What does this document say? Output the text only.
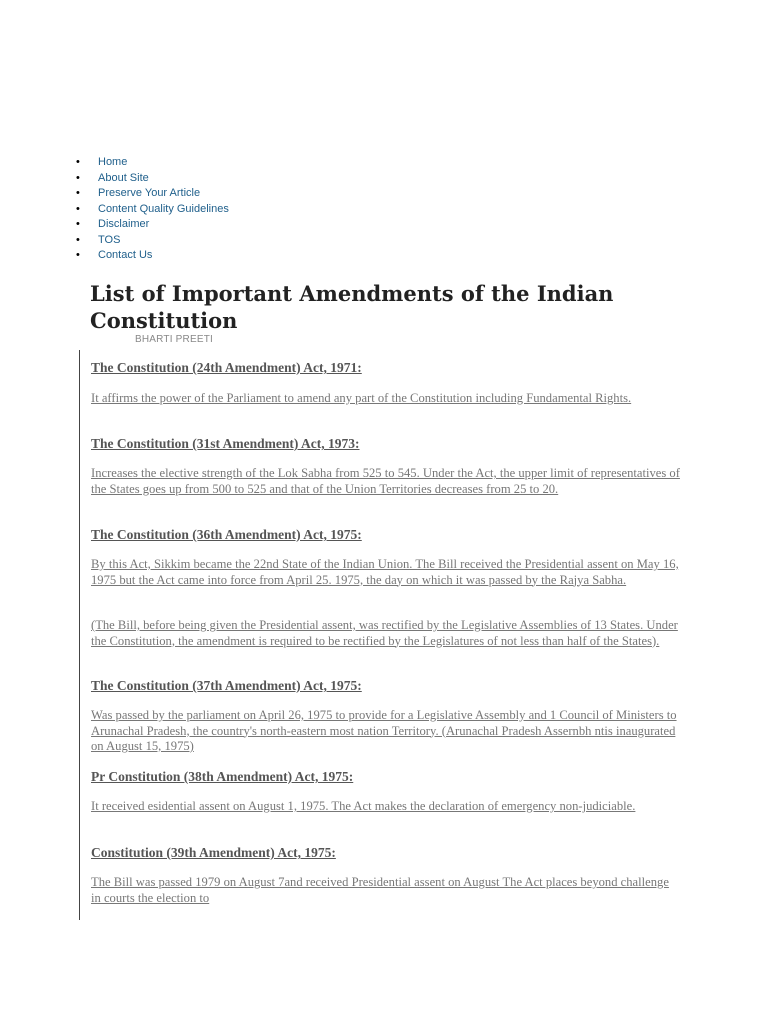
• Home
• About Site
• Preserve Your Article
• Content Quality Guidelines
• Disclaimer
• TOS
• Contact Us
List of Important Amendments of the Indian Constitution
BHARTI PREETI
The Constitution (24th Amendment) Act, 1971:
It affirms the power of the Parliament to amend any part of the Constitution including Fundamental Rights.
The Constitution (31st Amendment) Act, 1973:
Increases the elective strength of the Lok Sabha from 525 to 545. Under the Act, the upper limit of representatives of the States goes up from 500 to 525 and that of the Union Territories decreases from 25 to 20.
The Constitution (36th Amendment) Act, 1975:
By this Act, Sikkim became the 22nd State of the Indian Union. The Bill received the Presidential assent on May 16, 1975 but the Act came into force from April 25. 1975, the day on which it was passed by the Rajya Sabha.
(The Bill, before being given the Presidential assent, was rectified by the Legislative Assemblies of 13 States. Under the Constitution, the amendment is required to be rectified by the Legislatures of not less than half of the States).
The Constitution (37th Amendment) Act, 1975:
Was passed by the parliament on April 26, 1975 to provide for a Legislative Assembly and 1 Council of Ministers to Arunachal Pradesh, the country's north-eastern most nation Territory. (Arunachal Pradesh Assernbh ntis inaugurated on August 15, 1975)
Pr Constitution (38th Amendment) Act, 1975:
It received esidential assent on August 1, 1975. The Act makes the declaration of emergency non-judiciable.
Constitution (39th Amendment) Act, 1975:
The Bill was passed 1979 on August 7and received Presidential assent on August The Act places beyond challenge in courts the election to
